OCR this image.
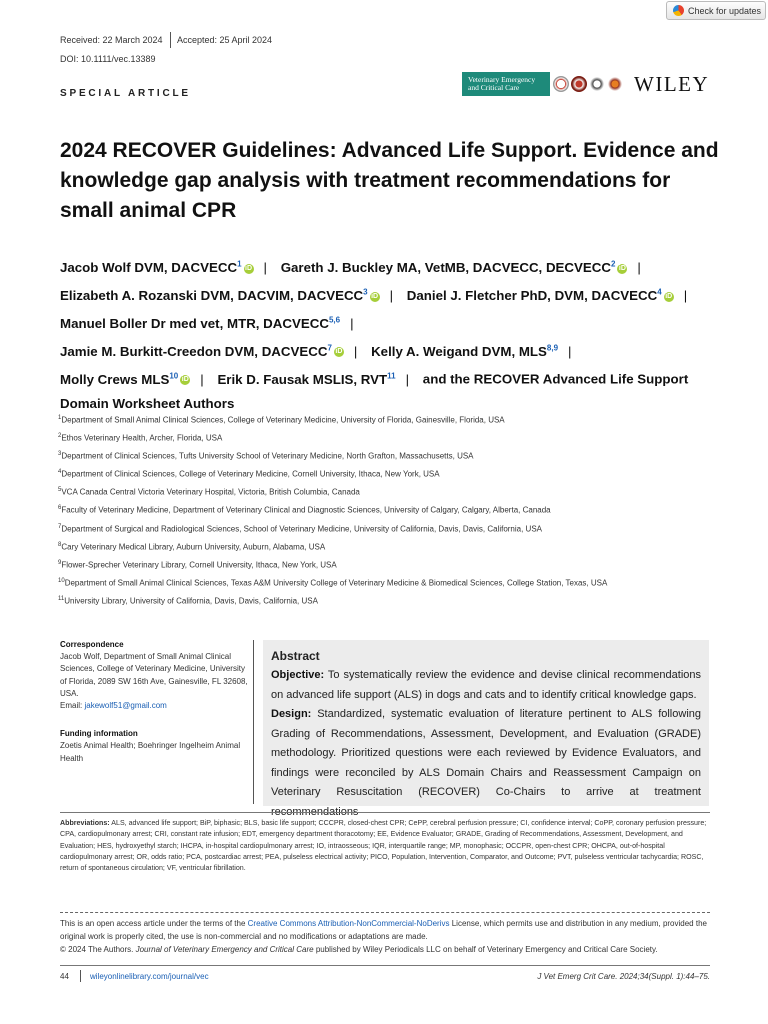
Check for updates
Received: 22 March 2024 Accepted: 25 April 2024
DOI: 10.1111/vec.13389
SPECIAL ARTICLE
Veterinary Emergency
and Critical Care	WILEY
2024 RECOVER Guidelines: Advanced Life Support. Evidence and knowledge gap analysis with treatment recommendations for small animal CPR
Jacob Wolf DVM, DACVECC$^1$ iD | Gareth J. Buckley MA, VetMB, DACVECC, DECVECC$^2$ iD |
Elizabeth A. Rozanski DVM, DACVIM, DACVECC$^3$ iD | Daniel J. Fletcher PhD, DVM, DACVECC$^4$ iD | Manuel Boller Dr med vet, MTR, DACVECC$^{5,6}$ |
Jamie M. Burkitt-Creedon DVM, DACVECC$^7$ iD | Kelly A. Weigand DVM, MLS$^{8,9}$ |
Molly Crews MLS$^{10}$ iD | Erik D. Fausak MSLIS, RVT$^{11}$ | and the RECOVER Advanced Life Support Domain Worksheet Authors
$^1$Department of Small Animal Clinical Sciences, College of Veterinary Medicine, University of Florida, Gainesville, Florida, USA
$^2$Ethos Veterinary Health, Archer, Florida, USA
$^3$Department of Clinical Sciences, Tufts University School of Veterinary Medicine, North Grafton, Massachusetts, USA
$^4$Department of Clinical Sciences, College of Veterinary Medicine, Cornell University, Ithaca, New York, USA
$^5$VCA Canada Central Victoria Veterinary Hospital, Victoria, British Columbia, Canada
$^6$Faculty of Veterinary Medicine, Department of Veterinary Clinical and Diagnostic Sciences, University of Calgary, Calgary, Alberta, Canada
$^7$Department of Surgical and Radiological Sciences, School of Veterinary Medicine, University of California, Davis, Davis, California, USA
$^8$Cary Veterinary Medical Library, Auburn University, Auburn, Alabama, USA
$^9$Flower-Sprecher Veterinary Library, Cornell University, Ithaca, New York, USA
$^{10}$Department of Small Animal Clinical Sciences, Texas A&M University College of Veterinary Medicine & Biomedical Sciences, College Station, Texas, USA
$^{11}$University Library, University of California, Davis, Davis, California, USA
Correspondence
Jacob Wolf, Department of Small Animal Clinical Sciences, College of Veterinary Medicine, University of Florida, 2089 SW 16th Ave, Gainesville, FL 32608, USA.
Email: jakewolf51@gmail.com
Funding information
Zoetis Animal Health; Boehringer Ingelheim Animal Health
Abstract
Objective: To systematically review the evidence and devise clinical recommendations on advanced life support (ALS) in dogs and cats and to identify critical knowledge gaps.
Design: Standardized, systematic evaluation of literature pertinent to ALS following Grading of Recommendations, Assessment, Development, and Evaluation (GRADE) methodology. Prioritized questions were each reviewed by Evidence Evaluators, and findings were reconciled by ALS Domain Chairs and Reassessment Campaign on Veterinary Resuscitation (RECOVER) Co-Chairs to arrive at treatment recommendations
Abbreviations: ALS, advanced life support; BiP, biphasic; BLS, basic life support; CCCPR, closed-chest CPR; CePP, cerebral perfusion pressure; CI, confidence interval; CoPP, coronary perfusion pressure; CPA, cardiopulmonary arrest; CRI, constant rate infusion; EDT, emergency department thoracotomy; EE, Evidence Evaluator; GRADE, Grading of Recommendations, Assessment, Development, and Evaluation; HES, hydroxyethyl starch; IHCPA, in-hospital cardiopulmonary arrest; IO, intraosseous; IQR, interquartile range; MP, monophasic; OCCPR, open-chest CPR; OHCPA, out-of-hospital cardiopulmonary arrest; OR, odds ratio; PCA, postcardiac arrest; PEA, pulseless electrical activity; PICO, Population, Intervention, Comparator, and Outcome; PVT, pulseless ventricular tachycardia; ROSC, return of spontaneous circulation; VF, ventricular fibrillation.
This is an open access article under the terms of the Creative Commons Attribution-NonCommercial-NoDerivs License, which permits use and distribution in any medium, provided the original work is properly cited, the use is non-commercial and no modifications or adaptations are made.
© 2024 The Authors. Journal of Veterinary Emergency and Critical Care published by Wiley Periodicals LLC on behalf of Veterinary Emergency and Critical Care Society.
44	wileyonlinelibrary.com/journal/vec	J Vet Emerg Crit Care. 2024;34(Suppl. 1):44–75.
